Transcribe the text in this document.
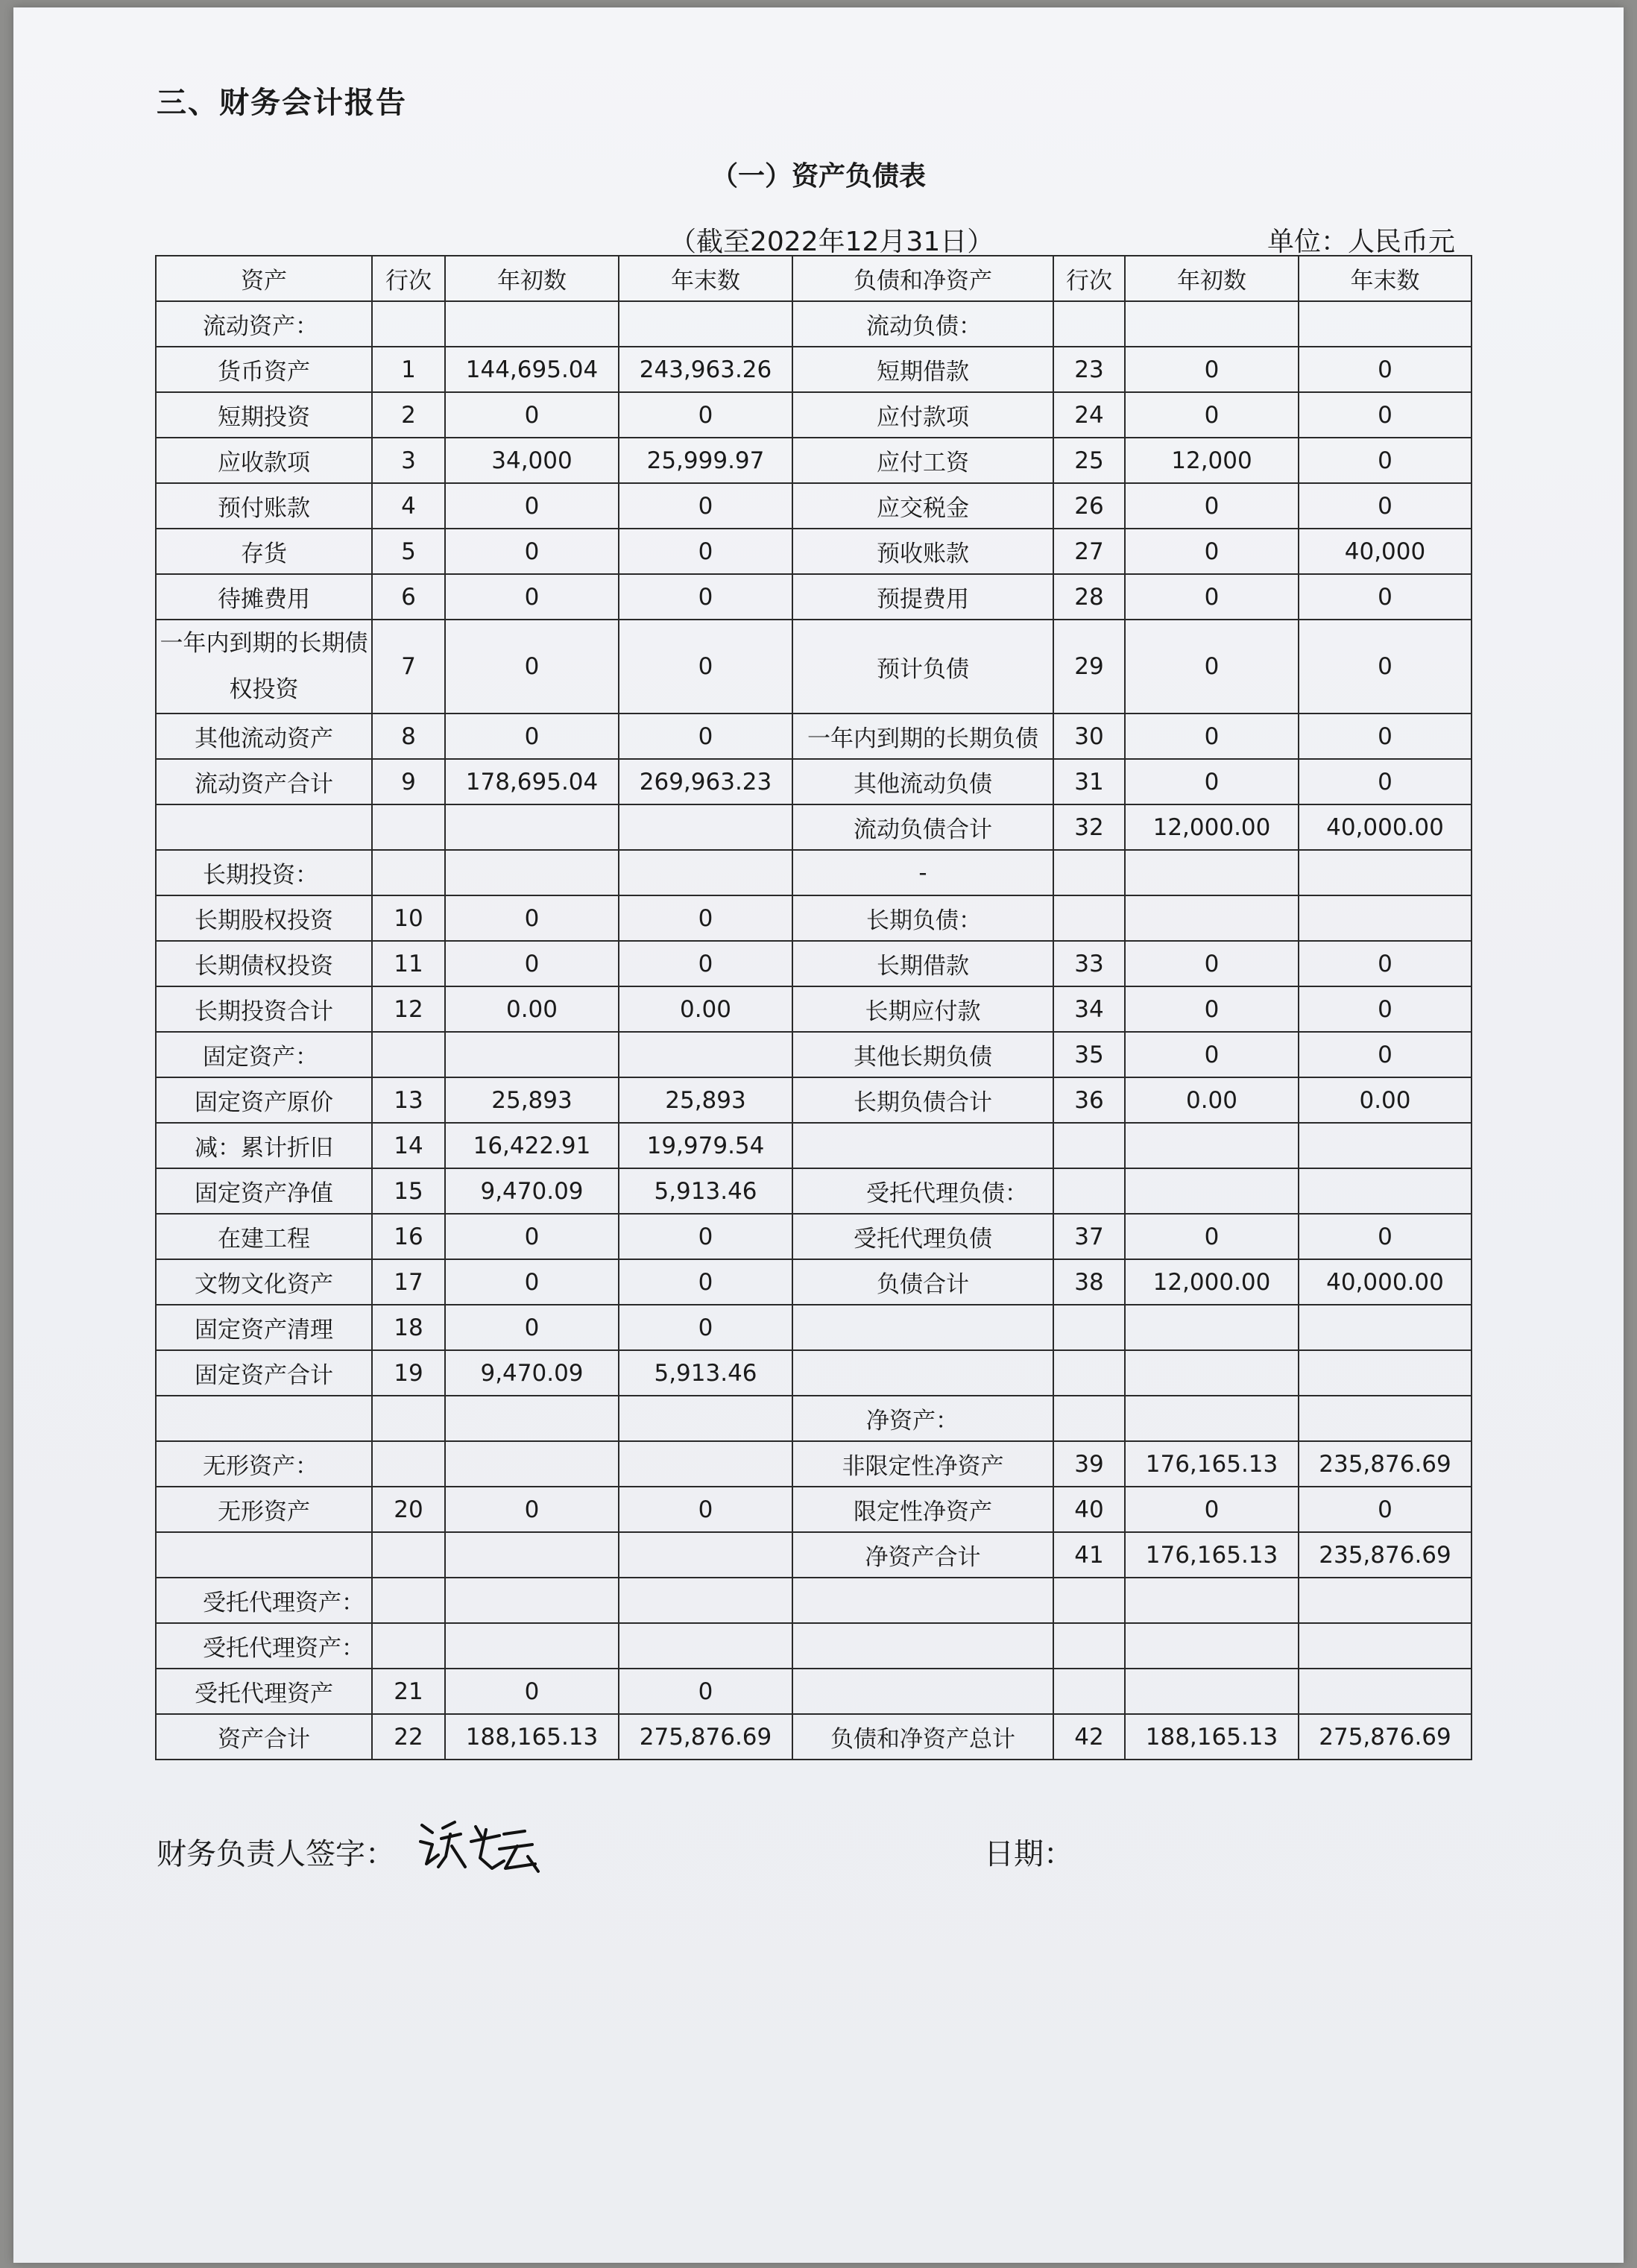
三、财务会计报告
（一）资产负债表
（截至2022年12月31日）	单位：人民币元
资产	行次	年初数	年末数	负债和净资产	行次	年初数	年末数
流动资产：				流动负债：			
货币资产	1	144,695.04	243,963.26	短期借款	23	0	0
短期投资	2	0	0	应付款项	24	0	0
应收款项	3	34,000	25,999.97	应付工资	25	12,000	0
预付账款	4	0	0	应交税金	26	0	0
存货	5	0	0	预收账款	27	0	40,000
待摊费用	6	0	0	预提费用	28	0	0
一年内到期的长期债权投资	7	0	0	预计负债	29	0	0
其他流动资产	8	0	0	一年内到期的长期负债	30	0	0
流动资产合计	9	178,695.04	269,963.23	其他流动负债	31	0	0
				流动负债合计	32	12,000.00	40,000.00
长期投资：				-			
长期股权投资	10	0	0	长期负债：			
长期债权投资	11	0	0	长期借款	33	0	0
长期投资合计	12	0.00	0.00	长期应付款	34	0	0
固定资产：				其他长期负债	35	0	0
固定资产原价	13	25,893	25,893	长期负债合计	36	0.00	0.00
减：累计折旧	14	16,422.91	19,979.54				
固定资产净值	15	9,470.09	5,913.46	受托代理负债：			
在建工程	16	0	0	受托代理负债	37	0	0
文物文化资产	17	0	0	负债合计	38	12,000.00	40,000.00
固定资产清理	18	0	0				
固定资产合计	19	9,470.09	5,913.46				
				净资产：			
无形资产：				非限定性净资产	39	176,165.13	235,876.69
无形资产	20	0	0	限定性净资产	40	0	0
				净资产合计	41	176,165.13	235,876.69
受托代理资产：							
受托代理资产：							
受托代理资产	21	0	0				
资产合计	22	188,165.13	275,876.69	负债和净资产总计	42	188,165.13	275,876.69
财务负责人签字：	日期：
